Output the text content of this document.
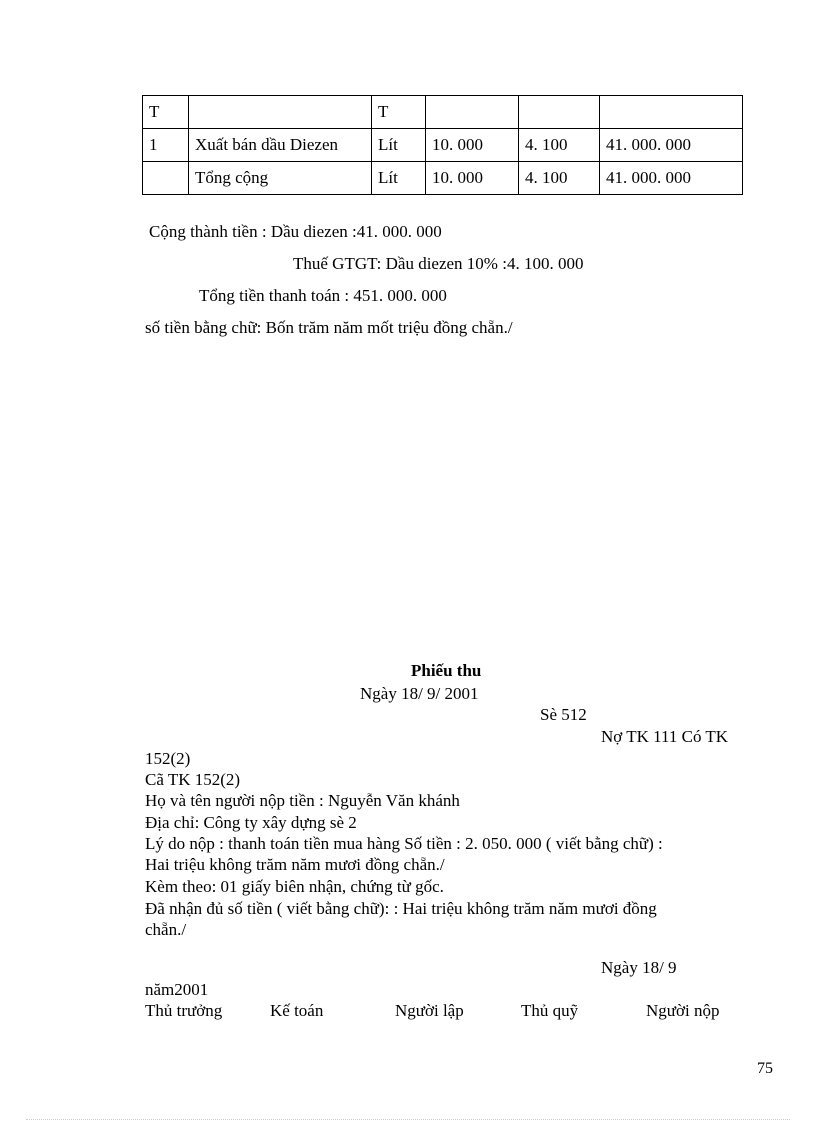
T		T			
1	Xuất bán dầu Diezen	Lít	10. 000	4. 100	41. 000. 000
	Tổng cộng	Lít	10. 000	4. 100	41. 000. 000
Cộng thành tiền : Dầu diezen :41. 000. 000
Thuế GTGT: Dầu diezen 10% :4. 100. 000
Tổng tiền thanh toán : 451. 000. 000
số tiền bằng chữ: Bốn trăm năm mốt triệu đồng chẵn./
Phiếu thu
Ngày 18/ 9/ 2001
Sè 512
Nợ TK 111 Có TK
152(2)
Cã TK 152(2)
Họ và tên người nộp tiền : Nguyễn Văn khánh
Địa chỉ: Công ty xây dựng sè 2
Lý do nộp : thanh toán tiền mua hàng Số tiền : 2. 050. 000 ( viết bằng chữ) :
Hai triệu không trăm năm mươi đồng chẵn./
Kèm theo: 01 giấy biên nhận, chứng từ gốc.
Đã nhận đủ số tiền ( viết bằng chữ): : Hai triệu không trăm năm mươi đồng
chẵn./
Ngày 18/ 9
năm2001
Thủ trưởng	Kế toán	Người lập	Thủ quỹ	Người nộp
75
